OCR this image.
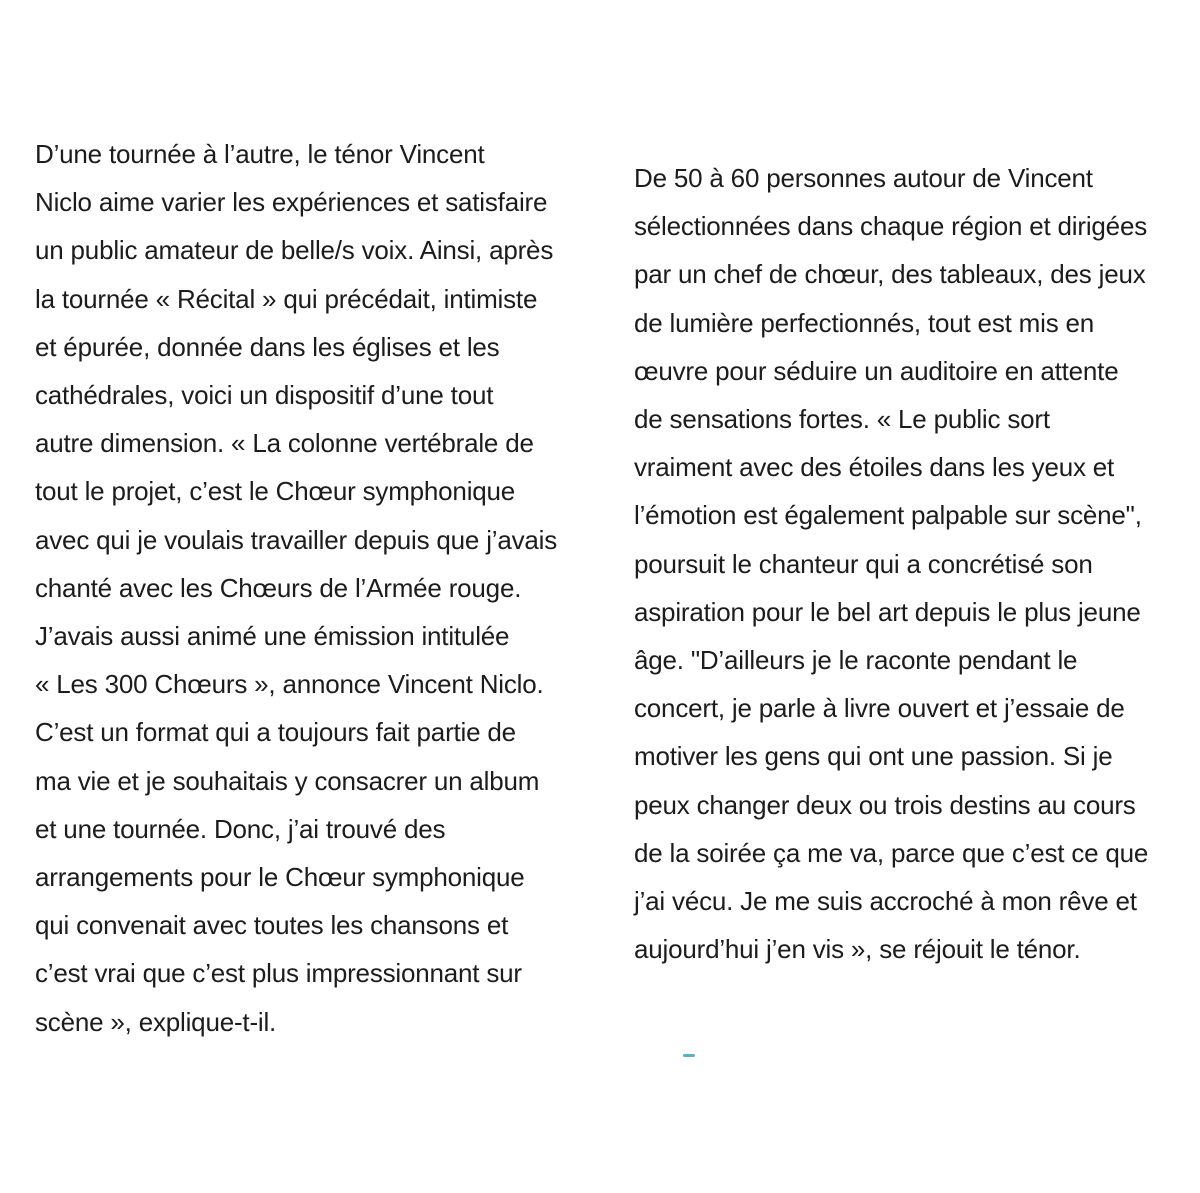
D’une tournée à l’autre, le ténor Vincent
Niclo aime varier les expériences et satisfaire
un public amateur de belle/s voix. Ainsi, après
la tournée « Récital » qui précédait, intimiste
et épurée, donnée dans les églises et les
cathédrales, voici un dispositif d’une tout
autre dimension. « La colonne vertébrale de
tout le projet, c’est le Chœur symphonique
avec qui je voulais travailler depuis que j’avais
chanté avec les Chœurs de l’Armée rouge.
J’avais aussi animé une émission intitulée
« Les 300 Chœurs », annonce Vincent Niclo.
C’est un format qui a toujours fait partie de
ma vie et je souhaitais y consacrer un album
et une tournée. Donc, j’ai trouvé des
arrangements pour le Chœur symphonique
qui convenait avec toutes les chansons et
c’est vrai que c’est plus impressionnant sur
scène », explique-t-il.
De 50 à 60 personnes autour de Vincent
sélectionnées dans chaque région et dirigées
par un chef de chœur, des tableaux, des jeux
de lumière perfectionnés, tout est mis en
œuvre pour séduire un auditoire en attente
de sensations fortes. « Le public sort
vraiment avec des étoiles dans les yeux et
l’émotion est également palpable sur scène",
poursuit le chanteur qui a concrétisé son
aspiration pour le bel art depuis le plus jeune
âge. "D’ailleurs je le raconte pendant le
concert, je parle à livre ouvert et j’essaie de
motiver les gens qui ont une passion. Si je
peux changer deux ou trois destins au cours
de la soirée ça me va, parce que c’est ce que
j’ai vécu. Je me suis accroché à mon rêve et
aujourd’hui j’en vis », se réjouit le ténor.
